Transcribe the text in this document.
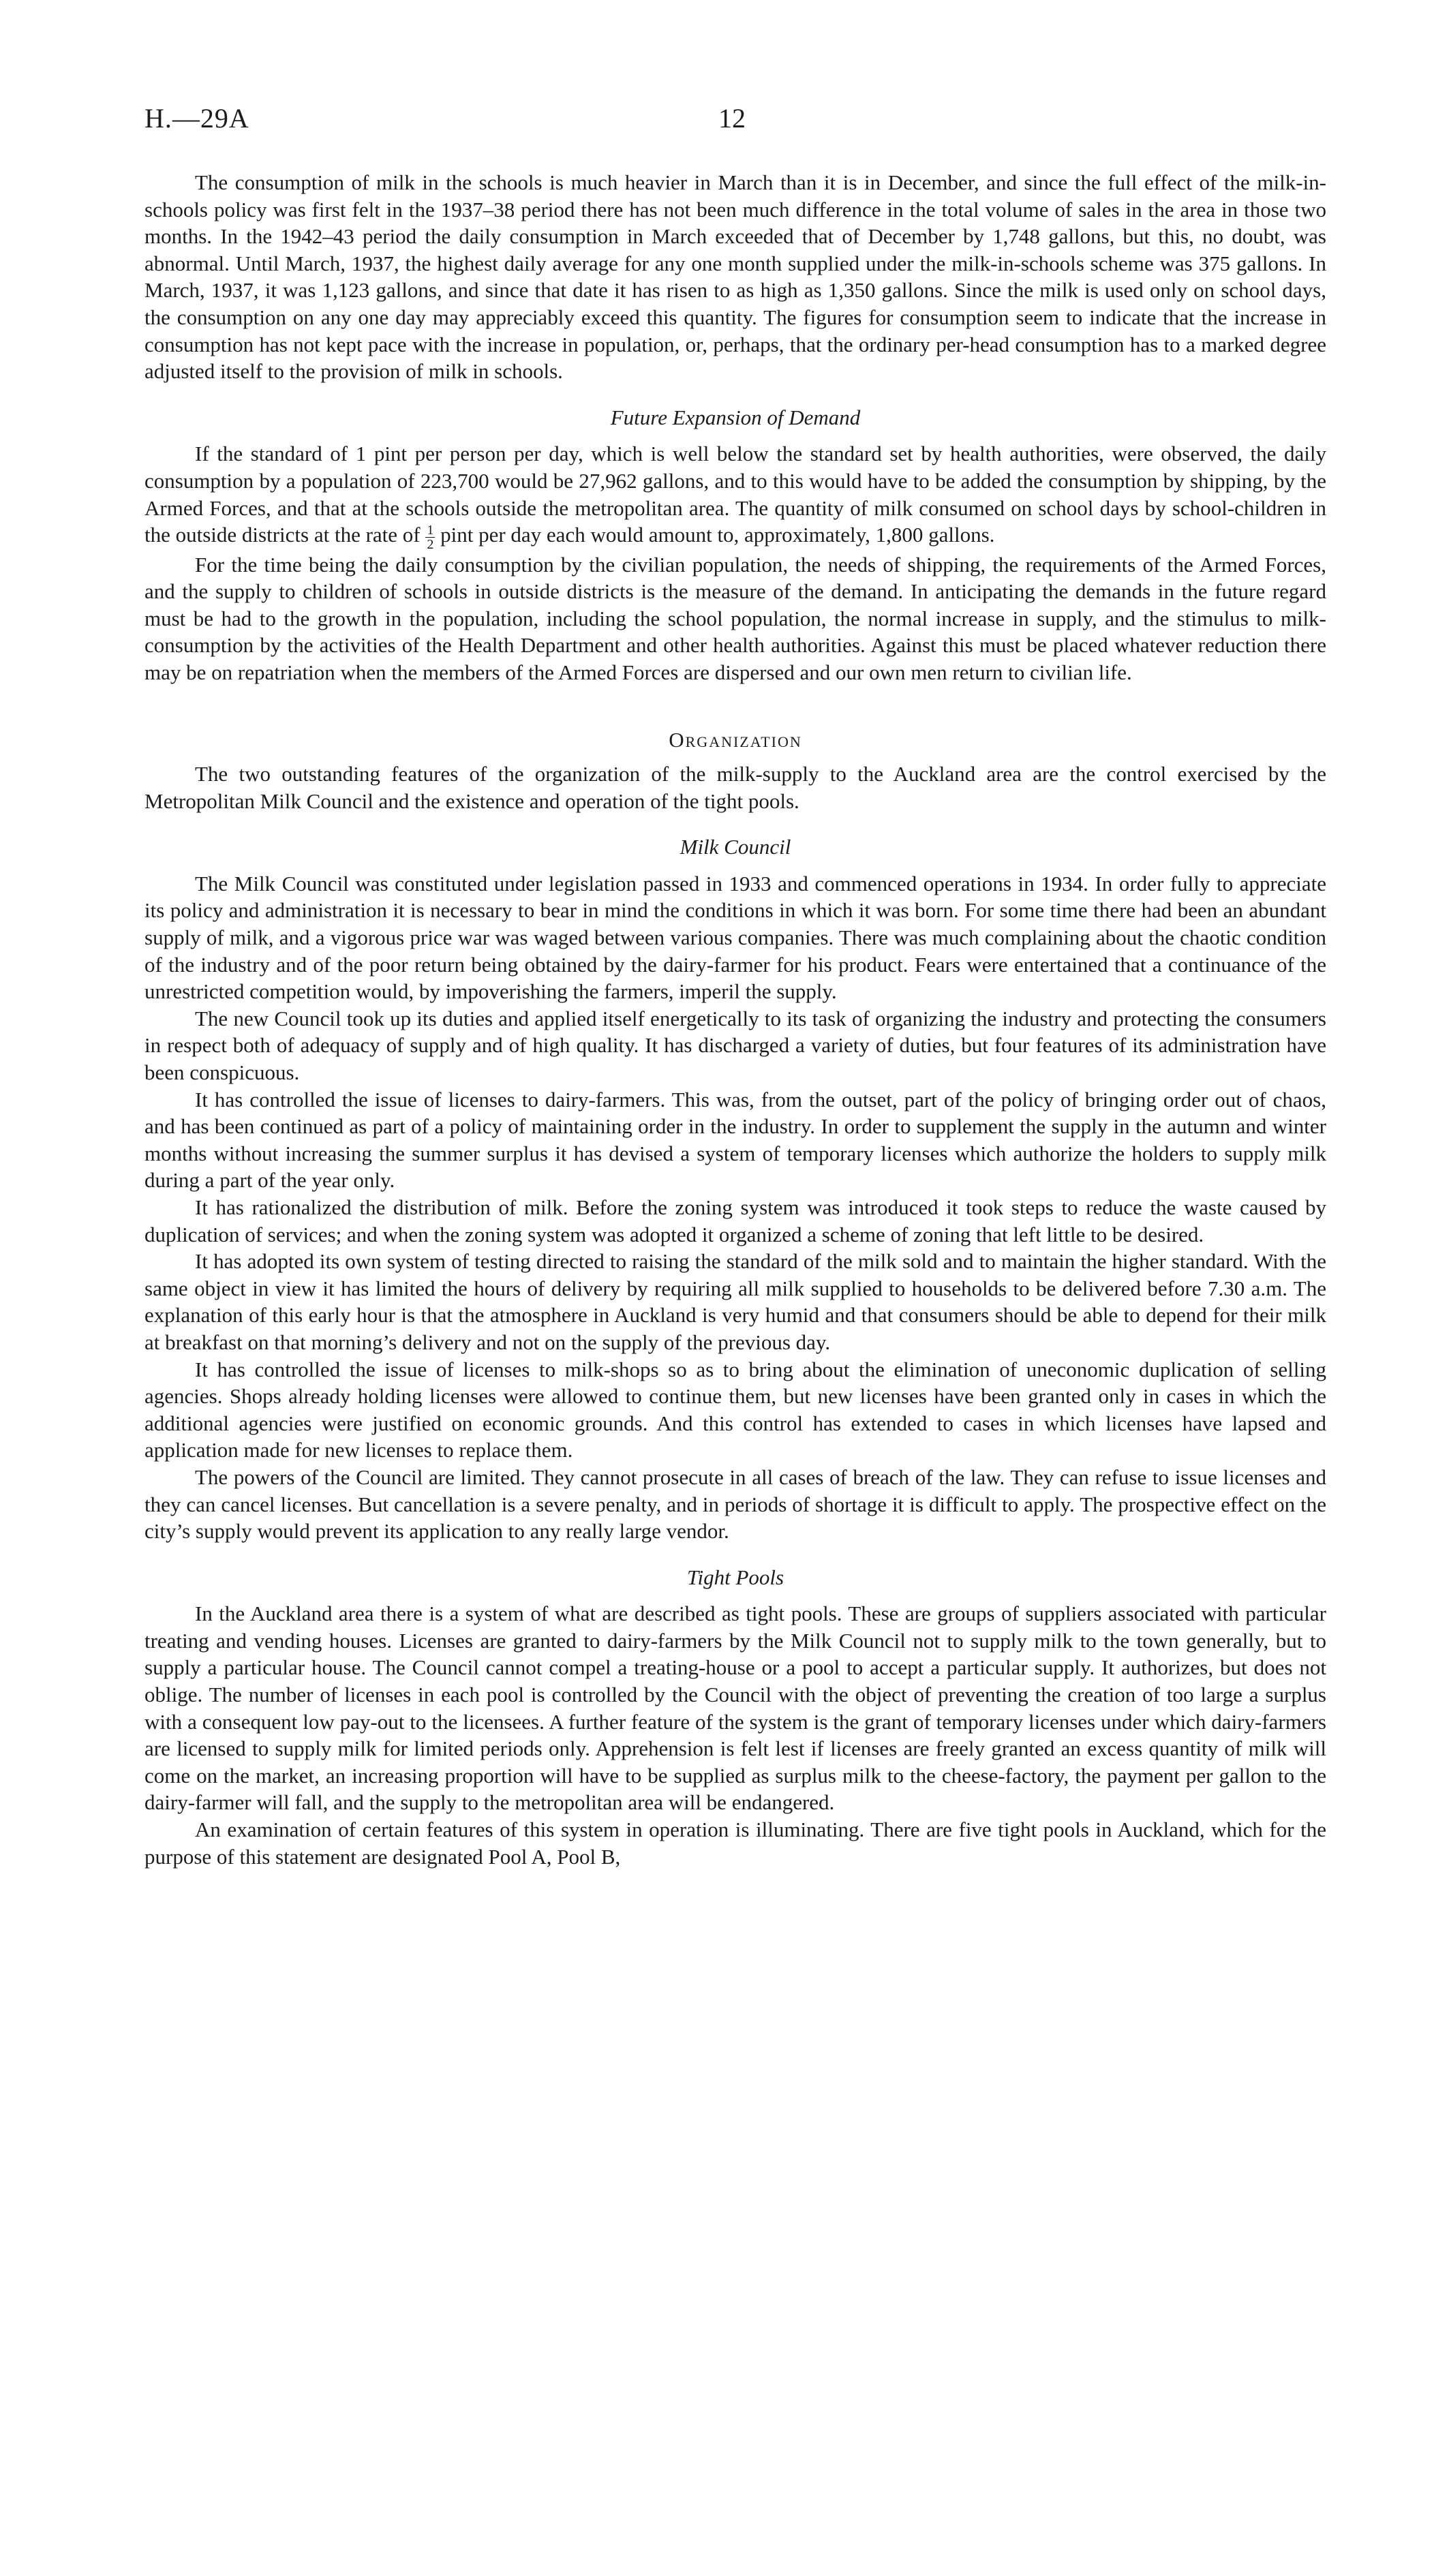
H.—29A	12

The consumption of milk in the schools is much heavier in March than it is in December, and since the full effect of the milk-in-schools policy was first felt in the 1937–38 period there has not been much difference in the total volume of sales in the area in those two months. In the 1942–43 period the daily consumption in March exceeded that of December by 1,748 gallons, but this, no doubt, was abnormal. Until March, 1937, the highest daily average for any one month supplied under the milk-in-schools scheme was 375 gallons. In March, 1937, it was 1,123 gallons, and since that date it has risen to as high as 1,350 gallons. Since the milk is used only on school days, the consumption on any one day may appreciably exceed this quantity. The figures for consumption seem to indicate that the increase in consumption has not kept pace with the increase in population, or, perhaps, that the ordinary per-head consumption has to a marked degree adjusted itself to the provision of milk in schools.

Future Expansion of Demand

If the standard of 1 pint per person per day, which is well below the standard set by health authorities, were observed, the daily consumption by a population of 223,700 would be 27,962 gallons, and to this would have to be added the consumption by shipping, by the Armed Forces, and that at the schools outside the metropolitan area. The quantity of milk consumed on school days by school-children in the outside districts at the rate of $\frac{1}{2}$ pint per day each would amount to, approximately, 1,800 gallons.

For the time being the daily consumption by the civilian population, the needs of shipping, the requirements of the Armed Forces, and the supply to children of schools in outside districts is the measure of the demand. In anticipating the demands in the future regard must be had to the growth in the population, including the school population, the normal increase in supply, and the stimulus to milk-consumption by the activities of the Health Department and other health authorities. Against this must be placed whatever reduction there may be on repatriation when the members of the Armed Forces are dispersed and our own men return to civilian life.

Organization

The two outstanding features of the organization of the milk-supply to the Auckland area are the control exercised by the Metropolitan Milk Council and the existence and operation of the tight pools.

Milk Council

The Milk Council was constituted under legislation passed in 1933 and commenced operations in 1934. In order fully to appreciate its policy and administration it is necessary to bear in mind the conditions in which it was born. For some time there had been an abundant supply of milk, and a vigorous price war was waged between various companies. There was much complaining about the chaotic condition of the industry and of the poor return being obtained by the dairy-farmer for his product. Fears were entertained that a continuance of the unrestricted competition would, by impoverishing the farmers, imperil the supply.

The new Council took up its duties and applied itself energetically to its task of organizing the industry and protecting the consumers in respect both of adequacy of supply and of high quality. It has discharged a variety of duties, but four features of its administration have been conspicuous.

It has controlled the issue of licenses to dairy-farmers. This was, from the outset, part of the policy of bringing order out of chaos, and has been continued as part of a policy of maintaining order in the industry. In order to supplement the supply in the autumn and winter months without increasing the summer surplus it has devised a system of temporary licenses which authorize the holders to supply milk during a part of the year only.

It has rationalized the distribution of milk. Before the zoning system was introduced it took steps to reduce the waste caused by duplication of services; and when the zoning system was adopted it organized a scheme of zoning that left little to be desired.

It has adopted its own system of testing directed to raising the standard of the milk sold and to maintain the higher standard. With the same object in view it has limited the hours of delivery by requiring all milk supplied to households to be delivered before 7.30 a.m. The explanation of this early hour is that the atmosphere in Auckland is very humid and that consumers should be able to depend for their milk at breakfast on that morning’s delivery and not on the supply of the previous day.

It has controlled the issue of licenses to milk-shops so as to bring about the elimination of uneconomic duplication of selling agencies. Shops already holding licenses were allowed to continue them, but new licenses have been granted only in cases in which the additional agencies were justified on economic grounds. And this control has extended to cases in which licenses have lapsed and application made for new licenses to replace them.

The powers of the Council are limited. They cannot prosecute in all cases of breach of the law. They can refuse to issue licenses and they can cancel licenses. But cancellation is a severe penalty, and in periods of shortage it is difficult to apply. The prospective effect on the city’s supply would prevent its application to any really large vendor.

Tight Pools

In the Auckland area there is a system of what are described as tight pools. These are groups of suppliers associated with particular treating and vending houses. Licenses are granted to dairy-farmers by the Milk Council not to supply milk to the town generally, but to supply a particular house. The Council cannot compel a treating-house or a pool to accept a particular supply. It authorizes, but does not oblige. The number of licenses in each pool is controlled by the Council with the object of preventing the creation of too large a surplus with a consequent low pay-out to the licensees. A further feature of the system is the grant of temporary licenses under which dairy-farmers are licensed to supply milk for limited periods only. Apprehension is felt lest if licenses are freely granted an excess quantity of milk will come on the market, an increasing proportion will have to be supplied as surplus milk to the cheese-factory, the payment per gallon to the dairy-farmer will fall, and the supply to the metropolitan area will be endangered.

An examination of certain features of this system in operation is illuminating. There are five tight pools in Auckland, which for the purpose of this statement are designated Pool A, Pool B,
